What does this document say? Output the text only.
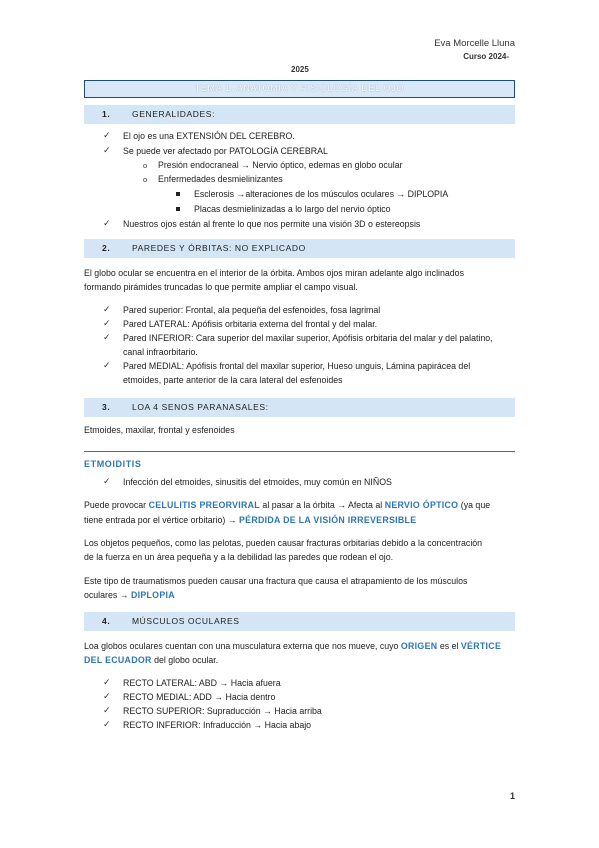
Eva Morcelle Lluna
Curso 2024-
2025
TEMA 1. ANATOMIA Y FISIOLOGÍA DEL OJO
1.	GENERALIDADES:
✓ El ojo es una EXTENSIÓN DEL CEREBRO.
✓ Se puede ver afectado por PATOLOGÍA CEREBRAL
o Presión endocraneal → Nervio óptico, edemas en globo ocular
o Enfermedades desmielinizantes
Esclerosis →alteraciones de los músculos oculares → DIPLOPIA
Placas desmielinizadas a lo largo del nervio óptico
✓ Nuestros ojos están al frente lo que nos permite una visión 3D o estereopsis
2.	PAREDES Y ÓRBITAS: NO EXPLICADO
El globo ocular se encuentra en el interior de la órbita. Ambos ojos miran adelante algo inclinados
formando pirámides truncadas lo que permite ampliar el campo visual.
✓ Pared superior: Frontal, ala pequeña del esfenoides, fosa lagrimal
✓ Pared LATERAL: Apófisis orbitaria externa del frontal y del malar.
✓ Pared INFERIOR: Cara superior del maxilar superior, Apófisis orbitaria del malar y del palatino,
canal infraorbitario.
✓ Pared MEDIAL: Apófisis frontal del maxilar superior, Hueso unguis, Lámina papirácea del
etmoides, parte anterior de la cara lateral del esfenoides
3.	LOA 4 SENOS PARANASALES:
Etmoides, maxilar, frontal y esfenoides
ETMOIDITIS
✓ Infección del etmoides, sinusitis del etmoides, muy común en NIÑOS
Puede provocar CELULITIS PREORVIRAL al pasar a la órbita → Afecta al NERVIO ÓPTICO (ya que
tiene entrada por el vértice orbitario) → PÉRDIDA DE LA VISIÓN IRREVERSIBLE
Los objetos pequeños, como las pelotas, pueden causar fracturas orbitarias debido a la concentración
de la fuerza en un área pequeña y a la debilidad las paredes que rodean el ojo.
Este tipo de traumatismos pueden causar una fractura que causa el atrapamiento de los músculos
oculares → DIPLOPIA
4.	MÚSCULOS OCULARES
Loa globos oculares cuentan con una musculatura externa que nos mueve, cuyo ORIGEN es el VÉRTICE
DEL ECUADOR del globo ocular.
✓ RECTO LATERAL: ABD → Hacia afuera
✓ RECTO MEDIAL: ADD → Hacia dentro
✓ RECTO SUPERIOR: Supraducción → Hacia arriba
✓ RECTO INFERIOR: Infraducción → Hacia abajo
1
